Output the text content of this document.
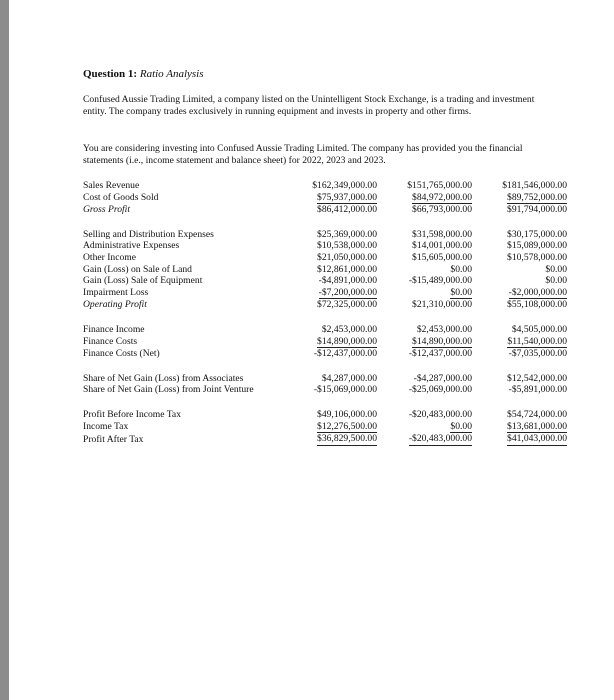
Question 1: Ratio Analysis
Confused Aussie Trading Limited, a company listed on the Unintelligent Stock Exchange, is a trading and investment entity. The company trades exclusively in running equipment and invests in property and other firms.
You are considering investing into Confused Aussie Trading Limited. The company has provided you the financial statements (i.e., income statement and balance sheet) for 2022, 2023 and 2023.
Sales Revenue	$162,349,000.00	$151,765,000.00	$181,546,000.00
Cost of Goods Sold	$75,937,000.00	$84,972,000.00	$89,752,000.00
Gross Profit	$86,412,000.00	$66,793,000.00	$91,794,000.00

Selling and Distribution Expenses	$25,369,000.00	$31,598,000.00	$30,175,000.00
Administrative Expenses	$10,538,000.00	$14,001,000.00	$15,089,000.00
Other Income	$21,050,000.00	$15,605,000.00	$10,578,000.00
Gain (Loss) on Sale of Land	$12,861,000.00	$0.00	$0.00
Gain (Loss) Sale of Equipment	-$4,891,000.00	-$15,489,000.00	$0.00
Impairment Loss	-$7,200,000.00	$0.00	-$2,000,000.00
Operating Profit	$72,325,000.00	$21,310,000.00	$55,108,000.00

Finance Income	$2,453,000.00	$2,453,000.00	$4,505,000.00
Finance Costs	$14,890,000.00	$14,890,000.00	$11,540,000.00
Finance Costs (Net)	-$12,437,000.00	-$12,437,000.00	-$7,035,000.00

Share of Net Gain (Loss) from Associates	$4,287,000.00	-$4,287,000.00	$12,542,000.00
Share of Net Gain (Loss) from Joint Venture	-$15,069,000.00	-$25,069,000.00	-$5,891,000.00

Profit Before Income Tax	$49,106,000.00	-$20,483,000.00	$54,724,000.00
Income Tax	$12,276,500.00	$0.00	$13,681,000.00
Profit After Tax	$36,829,500.00	-$20,483,000.00	$41,043,000.00
